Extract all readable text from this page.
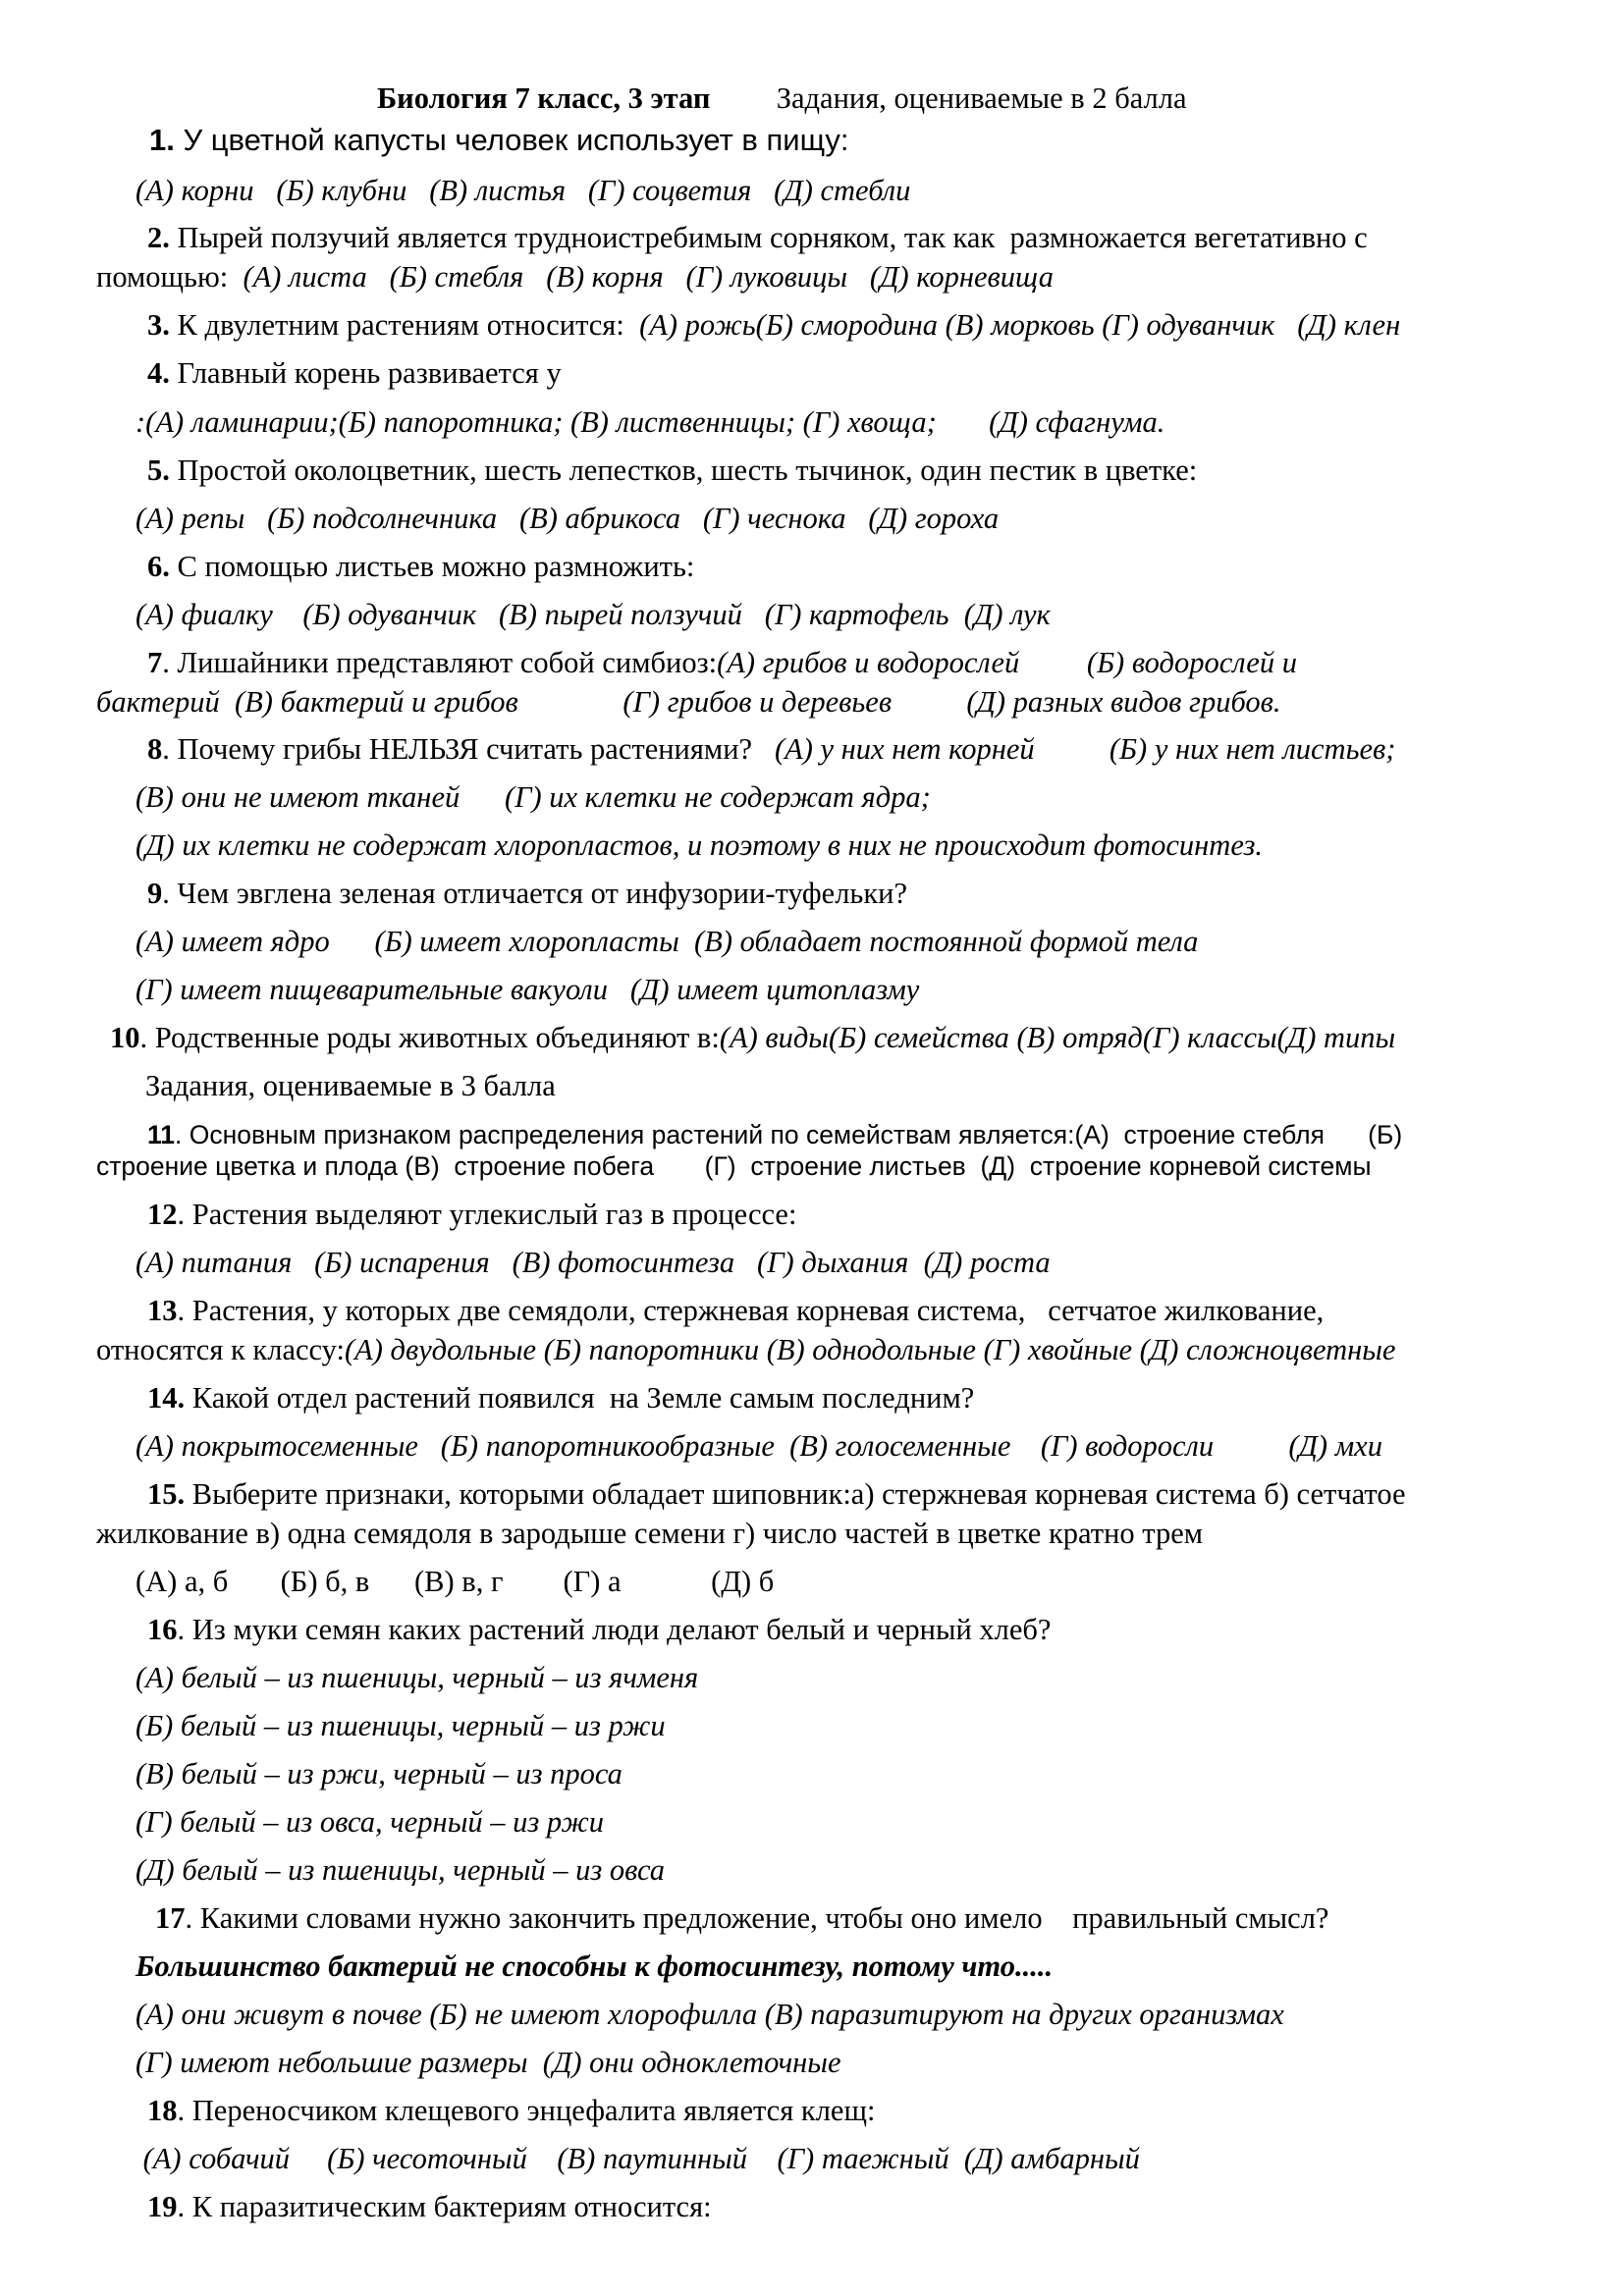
Биология 7 класс, 3 этап Задания, оцениваемые в 2 балла
1. У цветной капусты человек использует в пищу:
(А) корни   (Б) клубни   (В) листья   (Г) соцветия   (Д) стебли
2. Пырей ползучий является трудноистребимым сорняком, так как  размножается вегетативно с
помощью:  (А) листа   (Б) стебля   (В) корня   (Г) луковицы   (Д) корневища
3. К двулетним растениям относится:  (А) рожь(Б) смородина (В) морковь (Г) одуванчик   (Д) клен
4. Главный корень развивается у
:(А) ламинарии;(Б) папоротника; (В) лиственницы; (Г) хвоща;       (Д) сфагнума.
5. Простой околоцветник, шесть лепестков, шесть тычинок, один пестик в цветке:
(А) репы   (Б) подсолнечника   (В) абрикоса   (Г) чеснока   (Д) гороха
6. С помощью листьев можно размножить:
(А) фиалку    (Б) одуванчик   (В) пырей ползучий   (Г) картофель  (Д) лук
7. Лишайники представляют собой симбиоз:(А) грибов и водорослей         (Б) водорослей и
бактерий  (В) бактерий и грибов              (Г) грибов и деревьев          (Д) разных видов грибов.
8. Почему грибы НЕЛЬЗЯ считать растениями?   (А) у них нет корней          (Б) у них нет листьев;
(В) они не имеют тканей      (Г) их клетки не содержат ядра;
(Д) их клетки не содержат хлоропластов, и поэтому в них не происходит фотосинтез.
9. Чем эвглена зеленая отличается от инфузории-туфельки?
(А) имеет ядро      (Б) имеет хлоропласты  (В) обладает постоянной формой тела
(Г) имеет пищеварительные вакуоли   (Д) имеет цитоплазму
10. Родственные роды животных объединяют в:(А) виды(Б) семейства (В) отряд(Г) классы(Д) типы
Задания, оцениваемые в 3 балла
11. Основным признаком распределения растений по семействам является:(А)  строение стебля      (Б)
строение цветка и плода (В)  строение побега       (Г)  строение листьев  (Д)  строение корневой системы
12. Растения выделяют углекислый газ в процессе:
(А) питания   (Б) испарения   (В) фотосинтеза   (Г) дыхания  (Д) роста
13. Растения, у которых две семядоли, стержневая корневая система,   сетчатое жилкование,
относятся к классу:(А) двудольные (Б) папоротники (В) однодольные (Г) хвойные (Д) сложноцветные
14. Какой отдел растений появился  на Земле самым последним?
(А) покрытосеменные   (Б) папоротникообразные  (В) голосеменные    (Г) водоросли          (Д) мхи
15. Выберите признаки, которыми обладает шиповник:а) стержневая корневая система б) сетчатое
жилкование в) одна семядоля в зародыше семени г) число частей в цветке кратно трем
(А) а, б       (Б) б, в      (В) в, г        (Г) а            (Д) б
16. Из муки семян каких растений люди делают белый и черный хлеб?
(А) белый – из пшеницы, черный – из ячменя
(Б) белый – из пшеницы, черный – из ржи
(В) белый – из ржи, черный – из проса
(Г) белый – из овса, черный – из ржи
(Д) белый – из пшеницы, черный – из овса
17. Какими словами нужно закончить предложение, чтобы оно имело    правильный смысл?
Большинство бактерий не способны к фотосинтезу, потому что.....
(А) они живут в почве (Б) не имеют хлорофилла (В) паразитируют на других организмах
(Г) имеют небольшие размеры  (Д) они одноклеточные
18. Переносчиком клещевого энцефалита является клещ:
(А) собачий     (Б) чесоточный    (В) паутинный    (Г) таежный  (Д) амбарный
19. К паразитическим бактериям относится:
